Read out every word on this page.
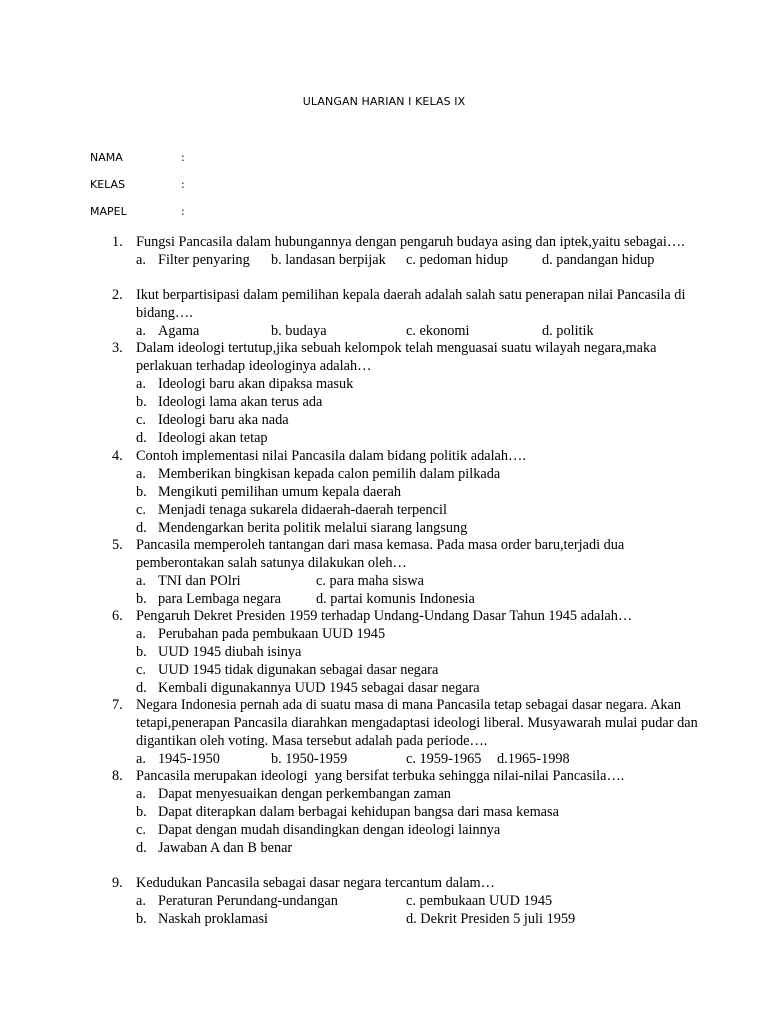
ULANGAN HARIAN I KELAS IX
NAMA	:
KELAS	:
MAPEL	:
1. Fungsi Pancasila dalam hubungannya dengan pengaruh budaya asing dan iptek,yaitu sebagai….
a. Filter penyaring b. landasan berpijak c. pedoman hidup d. pandangan hidup
2. Ikut berpartisipasi dalam pemilihan kepala daerah adalah salah satu penerapan nilai Pancasila di bidang….
a. Agama	b. budaya	c. ekonomi	d. politik
3. Dalam ideologi tertutup,jika sebuah kelompok telah menguasai suatu wilayah negara,maka perlakuan terhadap ideologinya adalah…
a. Ideologi baru akan dipaksa masuk
b. Ideologi lama akan terus ada
c. Ideologi baru aka nada
d. Ideologi akan tetap
4. Contoh implementasi nilai Pancasila dalam bidang politik adalah….
a. Memberikan bingkisan kepada calon pemilih dalam pilkada
b. Mengikuti pemilihan umum kepala daerah
c. Menjadi tenaga sukarela didaerah-daerah terpencil
d. Mendengarkan berita politik melalui siarang langsung
5. Pancasila memperoleh tantangan dari masa kemasa. Pada masa order baru,terjadi dua pemberontakan salah satunya dilakukan oleh…
a. TNI dan POlri	c. para maha siswa
b. para Lembaga negara d. partai komunis Indonesia
6. Pengaruh Dekret Presiden 1959 terhadap Undang-Undang Dasar Tahun 1945 adalah…
a. Perubahan pada pembukaan UUD 1945
b. UUD 1945 diubah isinya
c. UUD 1945 tidak digunakan sebagai dasar negara
d. Kembali digunakannya UUD 1945 sebagai dasar negara
7. Negara Indonesia pernah ada di suatu masa di mana Pancasila tetap sebagai dasar negara. Akan tetapi,penerapan Pancasila diarahkan mengadaptasi ideologi liberal. Musyawarah mulai pudar dan digantikan oleh voting. Masa tersebut adalah pada periode….
a. 1945-1950	b. 1950-1959	c. 1959-1965 d.1965-1998
8. Pancasila merupakan ideologi  yang bersifat terbuka sehingga nilai-nilai Pancasila….
a. Dapat menyesuaikan dengan perkembangan zaman
b. Dapat diterapkan dalam berbagai kehidupan bangsa dari masa kemasa
c. Dapat dengan mudah disandingkan dengan ideologi lainnya
d. Jawaban A dan B benar
9. Kedudukan Pancasila sebagai dasar negara tercantum dalam…
a. Peraturan Perundang-undangan	c. pembukaan UUD 1945
b. Naskah proklamasi	d. Dekrit Presiden 5 juli 1959
